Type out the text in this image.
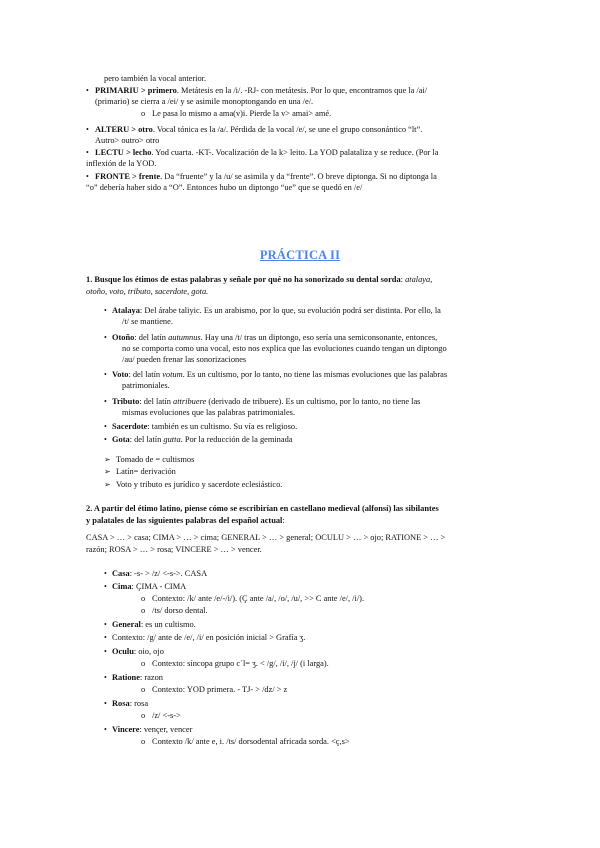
pero también la vocal anterior.
• PRIMARIU > primero. Metátesis en la /i/. -RJ- con metátesis. Por lo que, encontramos que la /ai/
(primario) se cierra a /ei/ y se asimile monoptongando en una /e/.
o Le pasa lo mismo a ama(v)i. Pierde la v> amai> amé.
• ALTERU > otro. Vocal tónica es la /a/. Pérdida de la vocal /e/, se une el grupo consonántico “lt”.
Autro> outro> otro
• LECTU > lecho. Yod cuarta. -KT-. Vocalización de la k> leito. La YOD palataliza y se reduce. (Por la
inflexión de la YOD.
• FRONTE > frente. Da “fruente” y la /u/ se asimila y da “frente”. O breve diptonga. Si no diptonga la
“o” debería haber sido a “O”. Entonces hubo un diptongo “ue” que se quedó en /e/
PRÁCTICA II
1. Busque los étimos de estas palabras y señale por qué no ha sonorizado su dental sorda: atalaya,
otoño, voto, tributo, sacerdote, gota.
• Atalaya: Del árabe taliyic. Es un arabismo, por lo que, su evolución podrá ser distinta. Por ello, la
/t/ se mantiene.
• Otoño: del latín autumnus. Hay una /t/ tras un diptongo, eso sería una semiconsonante, entonces,
no se comporta como una vocal, esto nos explica que las evoluciones cuando tengan un diptongo
/au/ pueden frenar las sonorizaciones
• Voto: del latín votum. Es un cultismo, por lo tanto, no tiene las mismas evoluciones que las palabras
patrimoniales.
• Tributo: del latín attribuere (derivado de tribuere). Es un cultismo, por lo tanto, no tiene las
mismas evoluciones que las palabras patrimoniales.
• Sacerdote: también es un cultismo. Su vía es religioso.
• Gota: del latín gutta. Por la reducción de la geminada
➢ Tomado de = cultismos
➢ Latín= derivación
➢ Voto y tributo es jurídico y sacerdote eclesiástico.
2. A partir del étimo latino, piense cómo se escribirían en castellano medieval (alfonsí) las sibilantes
y palatales de las siguientes palabras del español actual:
CASA > … > casa; CIMA > … > cima; GENERAL > … > general; OCULU > … > ojo; RATIONE > … >
razón; ROSA > … > rosa; VINCERE > … > vencer.
• Casa: -s- > /z/ <-s->. CASA
• Cima: ÇIMA - CIMA
o Contexto: /k/ ante /e/-/i/). (Ç ante /a/, /o/, /u/, >> C ante /e/, /i/).
o /ts/ dorso dental.
• General: es un cultismo.
• Contexto: /g/ ante de /e/, /i/ en posición inicial > Grafía ʒ.
• Oculu: oio, ojo
o Contexto: síncopa grupo c´l= ʒ. < /g/, /i/, /j/ (i larga).
• Ratione: razon
o Contexto: YOD primera. - TJ- > /dz/ > z
• Rosa: rosa
o /z/ <-s->
• Vincere: vençer, vencer
o Contexto /k/ ante e, i. /ts/ dorsodental africada sorda. <ç,s>
